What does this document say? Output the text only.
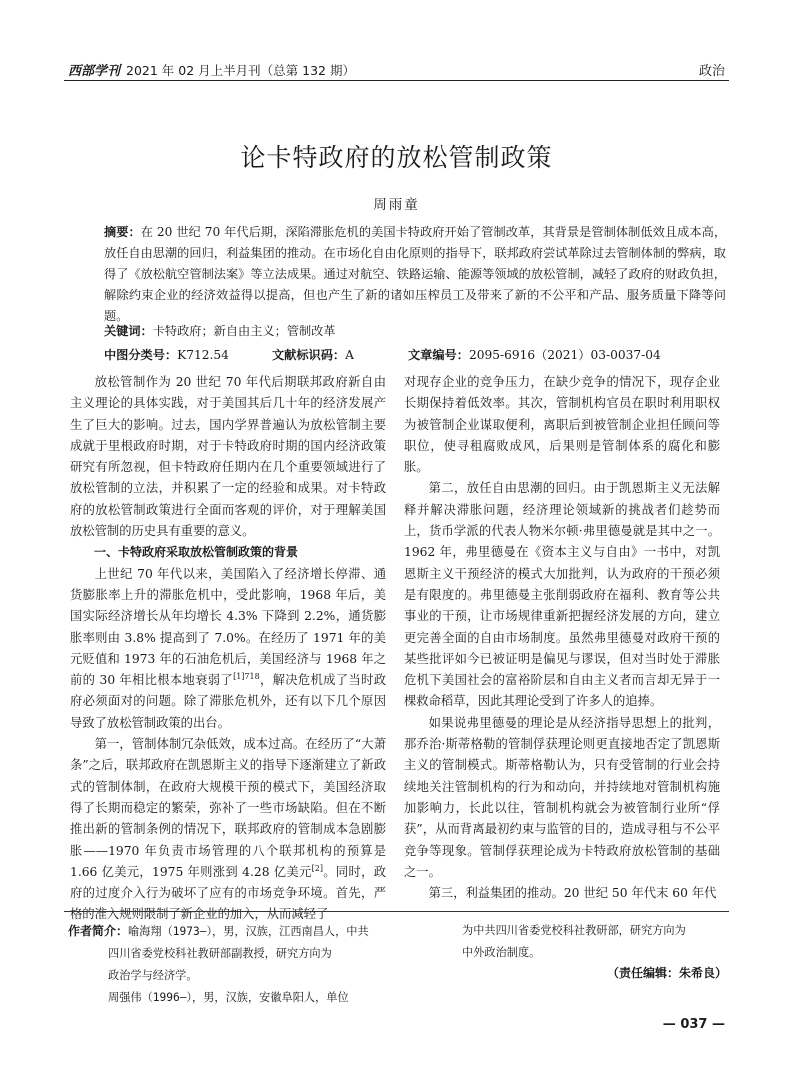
西部学刊 2021 年 02 月上半月刊（总第 132 期）	政治
论卡特政府的放松管制政策
周雨童
摘要：在 20 世纪 70 年代后期，深陷滞胀危机的美国卡特政府开始了管制改革，其背景是管制体制低效且成本高，放任自由思潮的回归，利益集团的推动。在市场化自由化原则的指导下，联邦政府尝试革除过去管制体制的弊病，取得了《放松航空管制法案》等立法成果。通过对航空、铁路运输、能源等领域的放松管制，减轻了政府的财政负担，解除约束企业的经济效益得以提高，但也产生了新的诸如压榨员工及带来了新的不公平和产品、服务质量下降等问题。
关键词：卡特政府；新自由主义；管制改革
中图分类号：K712.54	文献标识码：A	文章编号：2095-6916（2021）03-0037-04

放松管制作为 20 世纪 70 年代后期联邦政府新自由主义理论的具体实践，对于美国其后几十年的经济发展产生了巨大的影响。过去，国内学界普遍认为放松管制主要成就于里根政府时期，对于卡特政府时期的国内经济政策研究有所忽视，但卡特政府任期内在几个重要领域进行了放松管制的立法，并积累了一定的经验和成果。对卡特政府的放松管制政策进行全面而客观的评价，对于理解美国放松管制的历史具有重要的意义。

一、卡特政府采取放松管制政策的背景

上世纪 70 年代以来，美国陷入了经济增长停滞、通货膨胀率上升的滞胀危机中，受此影响，1968 年后，美国实际经济增长从年均增长 4.3% 下降到 2.2%，通货膨胀率则由 3.8% 提高到了 7.0%。在经历了 1971 年的美元贬值和 1973 年的石油危机后，美国经济与 1968 年之前的 30 年相比根本地衰弱了$^{[1]718}$，解决危机成了当时政府必须面对的问题。除了滞胀危机外，还有以下几个原因导致了放松管制政策的出台。

第一，管制体制冗杂低效，成本过高。在经历了“大萧条”之后，联邦政府在凯恩斯主义的指导下逐渐建立了新政式的管制体制，在政府大规模干预的模式下，美国经济取得了长期而稳定的繁荣，弥补了一些市场缺陷。但在不断推出新的管制条例的情况下，联邦政府的管制成本急剧膨胀——1970 年负责市场管理的八个联邦机构的预算是 1.66 亿美元，1975 年则涨到 4.28 亿美元[2]。同时，政府的过度介入行为破坏了应有的市场竞争环境。首先，严格的准入规则限制了新企业的加入，从而减轻了

对现存企业的竞争压力，在缺少竞争的情况下，现存企业长期保持着低效率。其次，管制机构官员在职时利用职权为被管制企业谋取便利，离职后到被管制企业担任顾问等职位，使寻租腐败成风，后果则是管制体系的腐化和膨胀。

第二，放任自由思潮的回归。由于凯恩斯主义无法解释并解决滞胀问题，经济理论领域新的挑战者们趁势而上，货币学派的代表人物米尔顿·弗里德曼就是其中之一。1962 年，弗里德曼在《资本主义与自由》一书中，对凯恩斯主义干预经济的模式大加批判，认为政府的干预必须是有限度的。弗里德曼主张削弱政府在福利、教育等公共事业的干预，让市场规律重新把握经济发展的方向，建立更完善全面的自由市场制度。虽然弗里德曼对政府干预的某些批评如今已被证明是偏见与谬误，但对当时处于滞胀危机下美国社会的富裕阶层和自由主义者而言却无异于一棵救命稻草，因此其理论受到了许多人的追捧。

如果说弗里德曼的理论是从经济指导思想上的批判，那乔治·斯蒂格勒的管制俘获理论则更直接地否定了凯恩斯主义的管制模式。斯蒂格勒认为，只有受管制的行业会持续地关注管制机构的行为和动向，并持续地对管制机构施加影响力，长此以往，管制机构就会为被管制行业所“俘获”，从而背离最初约束与监管的目的，造成寻租与不公平竞争等现象。管制俘获理论成为卡特政府放松管制的基础之一。

第三，利益集团的推动。20 世纪 50 年代末 60 年代

作者简介：喻海翔（1973—），男，汉族，江西南昌人，中共
四川省委党校科社教研部副教授，研究方向为
政治学与经济学。
周强伟（1996—），男，汉族，安徽阜阳人，单位
为中共四川省委党校科社教研部，研究方向为
中外政治制度。
（责任编辑：朱希良）
— 037 —
